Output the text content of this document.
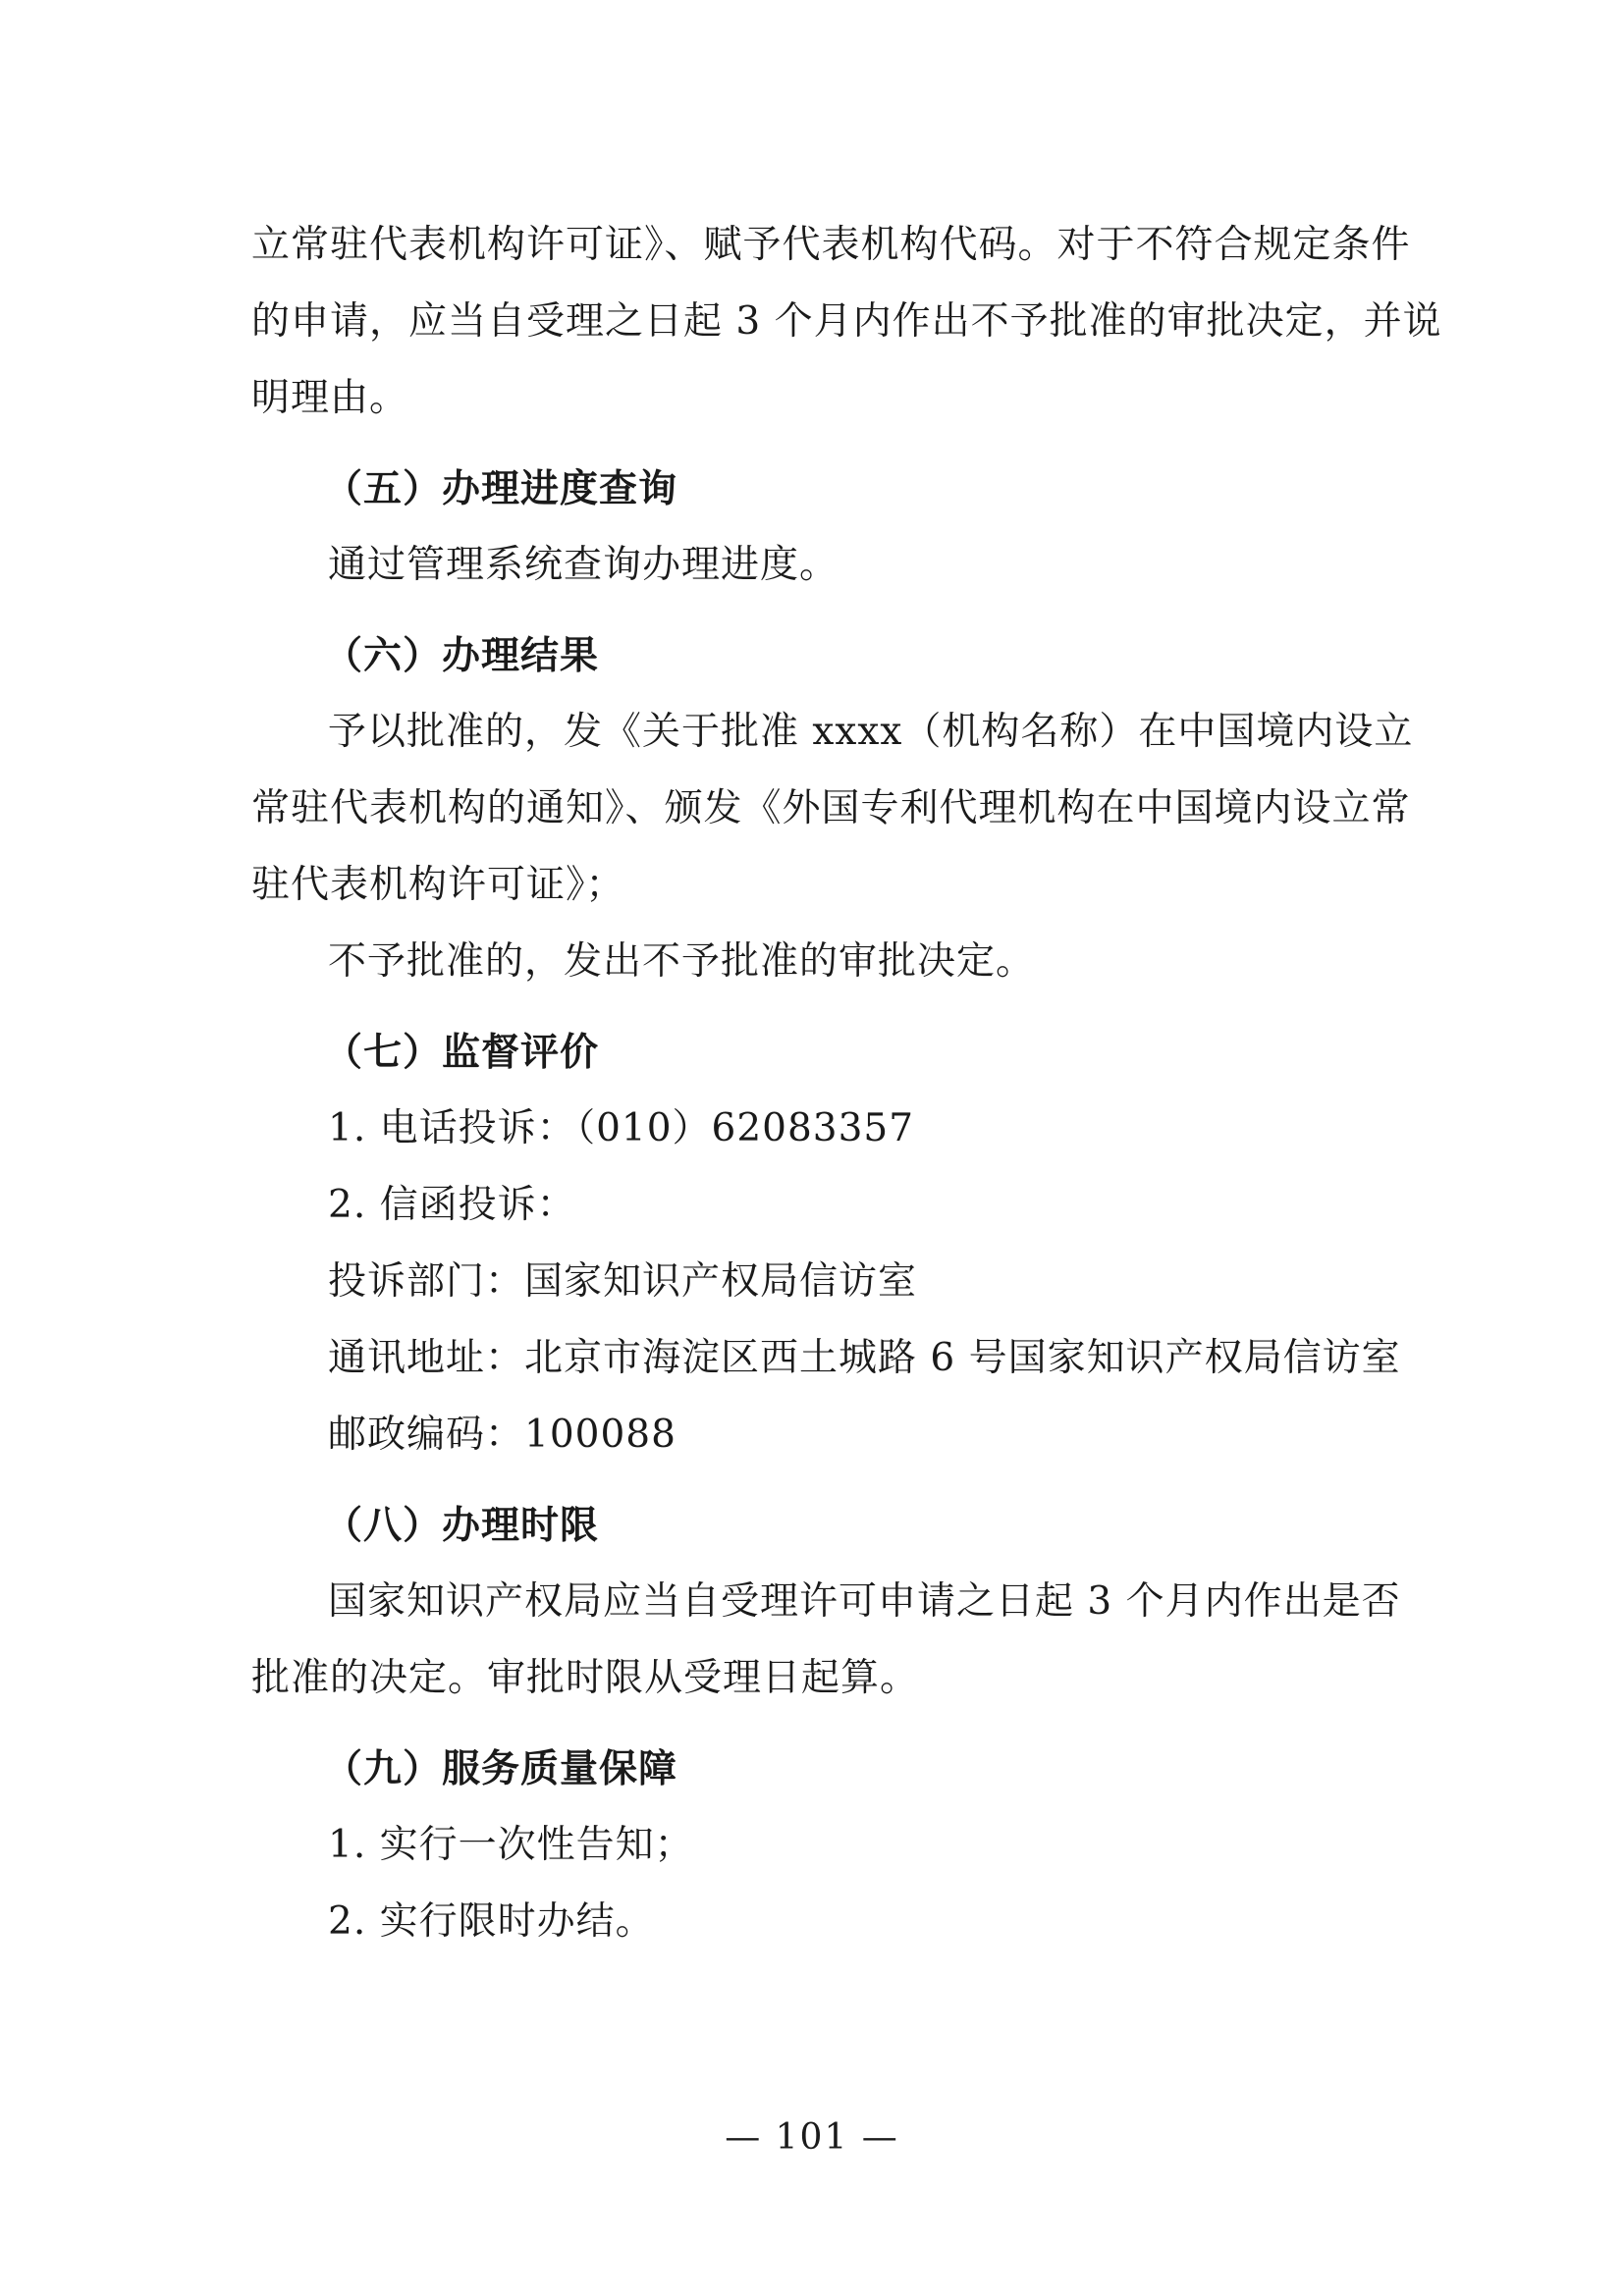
立常驻代表机构许可证》、赋予代表机构代码。对于不符合规定条件
的申请，应当自受理之日起 3 个月内作出不予批准的审批决定，并说
明理由。
（五）办理进度查询
通过管理系统查询办理进度。
（六）办理结果
予以批准的，发《关于批准 xxxx（机构名称）在中国境内设立
常驻代表机构的通知》、颁发《外国专利代理机构在中国境内设立常
驻代表机构许可证》；
不予批准的，发出不予批准的审批决定。
（七）监督评价
1. 电话投诉：（010）62083357
2. 信函投诉：
投诉部门：国家知识产权局信访室
通讯地址：北京市海淀区西土城路 6 号国家知识产权局信访室
邮政编码：100088
（八）办理时限
国家知识产权局应当自受理许可申请之日起 3 个月内作出是否
批准的决定。审批时限从受理日起算。
（九）服务质量保障
1. 实行一次性告知；
2. 实行限时办结。
— 101 —
